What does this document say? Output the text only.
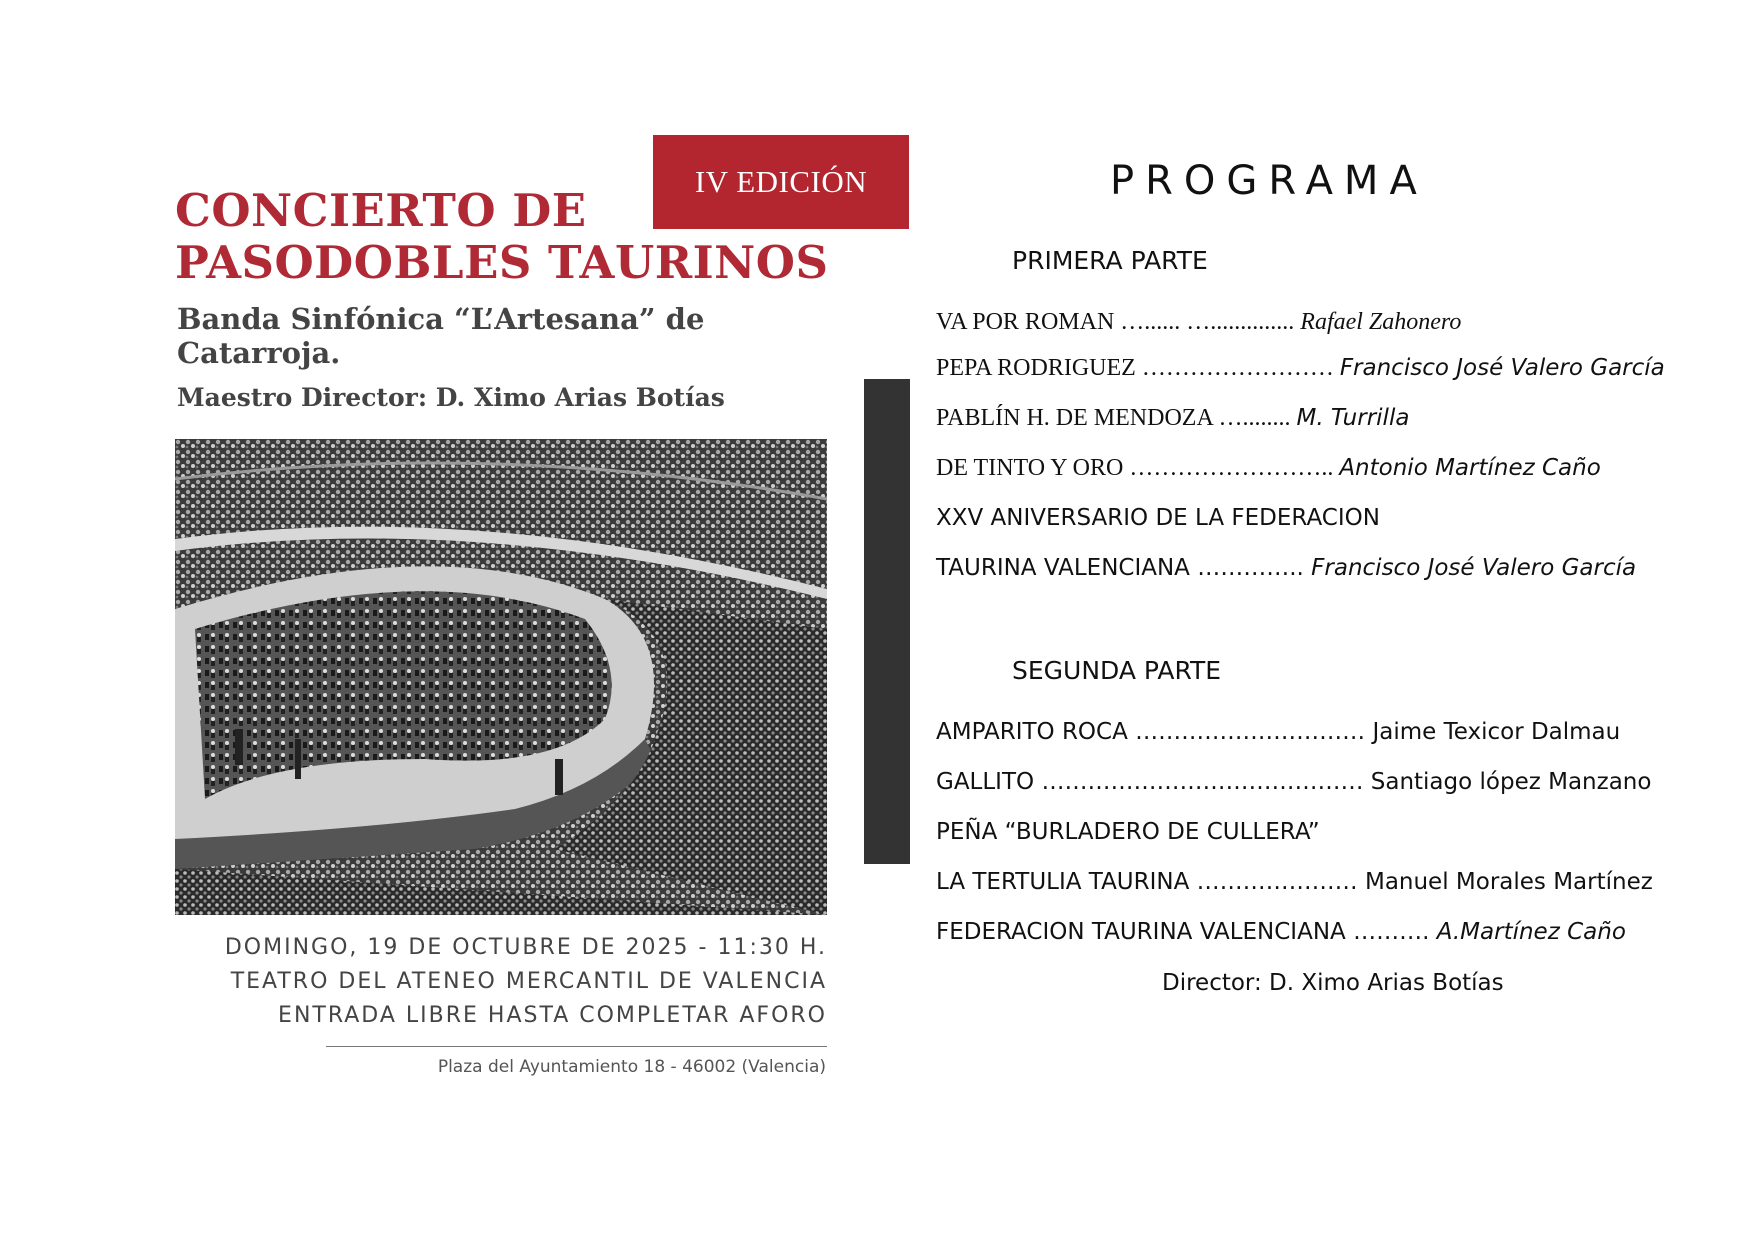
IV EDICIÓN
CONCIERTO DE
PASODOBLES TAURINOS
Banda Sinfónica “L’Artesana” de Catarroja.
Maestro Director: D. Ximo Arias Botías
DOMINGO, 19 DE OCTUBRE DE 2025 - 11:30 H.
TEATRO DEL ATENEO MERCANTIL DE VALENCIA
ENTRADA LIBRE HASTA COMPLETAR AFORO
Plaza del Ayuntamiento 18 - 46002 (Valencia)
PROGRAMA
PRIMERA PARTE
VA POR ROMAN …...... ….............. Rafael Zahonero
PEPA RODRIGUEZ …………………… Francisco José Valero García
PABLÍN H. DE MENDOZA …........ M. Turrilla
DE TINTO Y ORO …………………….. Antonio Martínez Caño
XXV ANIVERSARIO DE LA FEDERACION
TAURINA VALENCIANA ………….. Francisco José Valero García
SEGUNDA PARTE
AMPARITO ROCA ………………………… Jaime Texicor Dalmau
GALLITO …………………………………… Santiago lópez Manzano
PEÑA “BURLADERO DE CULLERA”
LA TERTULIA TAURINA ………………… Manuel Morales Martínez
FEDERACION TAURINA VALENCIANA ………. A.Martínez Caño
Director: D. Ximo Arias Botías
